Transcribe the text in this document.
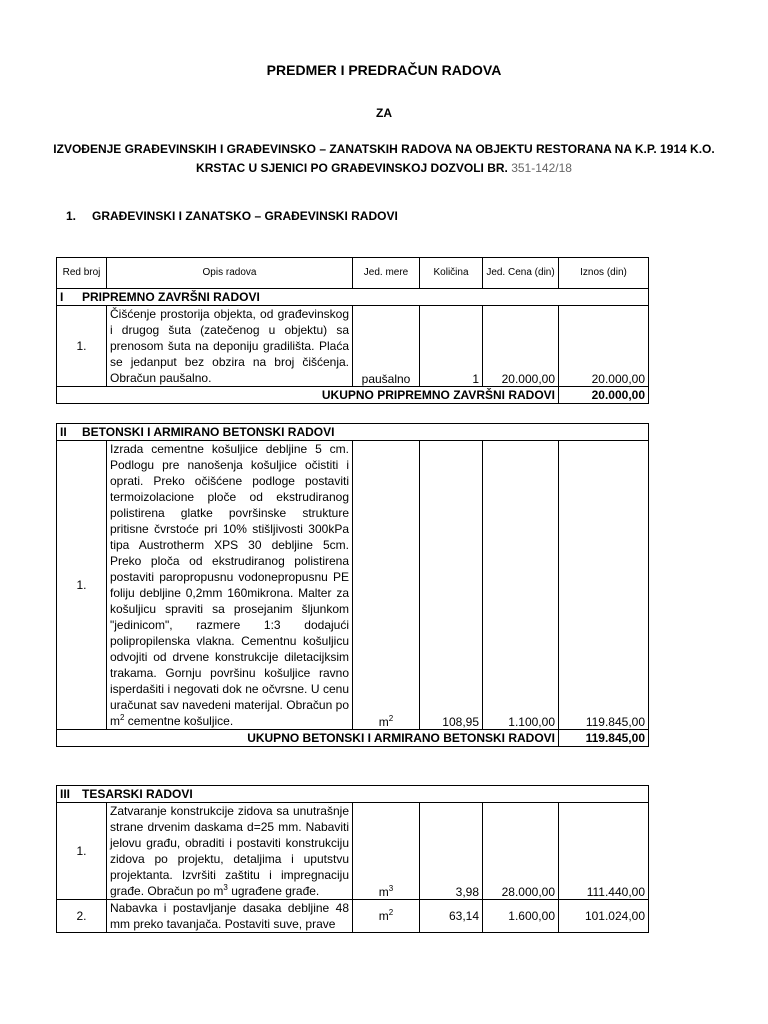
PREDMER I PREDRAČUN RADOVA
ZA
IZVOĐENJE GRAĐEVINSKIH I GRAĐEVINSKO – ZANATSKIH RADOVA NA OBJEKTU RESTORANA NA K.P. 1914 K.O.
KRSTAC U SJENICI PO GRAĐEVINSKOJ DOZVOLI BR. 351-142/18
1. GRAĐEVINSKI I ZANATSKO – GRAĐEVINSKI RADOVI
Red broj	Opis radova	Jed. mere	Količina	Jed. Cena (din)	Iznos (din)
I PRIPREMNO ZAVRŠNI RADOVI					
1.	Čišćenje prostorija objekta, od građevinskog i drugog šuta (zatečenog u objektu) sa prenosom šuta na deponiju gradilišta. Plaća se jedanput bez obzira na broj čišćenja. Obračun paušalno.	paušalno	1	20.000,00	20.000,00
UKUPNO PRIPREMNO ZAVRŠNI RADOVI					20.000,00
II BETONSKI I ARMIRANO BETONSKI RADOVI					
1.	Izrada cementne košuljice debljine 5 cm. Podlogu pre nanošenja košuljice očistiti i oprati. Preko očišćene podloge postaviti termoizolacione ploče od ekstrudiranog polistirena glatke površinske strukture pritisne čvrstoće pri 10% stišljivosti 300kPa tipa Austrotherm XPS 30 debljine 5cm. Preko ploča od ekstrudiranog polistirena postaviti paropropusnu vodonepropusnu PE foliju debljine 0,2mm 160mikrona. Malter za košuljicu spraviti sa prosejanim šljunkom "jedinicom", razmere 1:3 dodajući polipropilenska vlakna. Cementnu košuljicu odvojiti od drvene konstrukcije diletacijksim trakama. Gornju površinu košuljice ravno isperdašiti i negovati dok ne očvrsne. U cenu uračunat sav navedeni materijal. Obračun po $m^2$ cementne košuljice.	$m^2$	108,95	1.100,00	119.845,00
UKUPNO BETONSKI I ARMIRANO BETONSKI RADOVI					119.845,00
III TESARSKI RADOVI					
1.	Zatvaranje konstrukcije zidova sa unutrašnje strane drvenim daskama d=25 mm. Nabaviti jelovu građu, obraditi i postaviti konstrukciju zidova po projektu, detaljima i uputstvu projektanta. Izvršiti zaštitu i impregnaciju građe. Obračun po $m^3$ ugrađene građe.	$m^3$	3,98	28.000,00	111.440,00
2.	Nabavka i postavljanje dasaka debljine 48 mm preko tavanjača. Postaviti suve, prave	$m^2$	63,14	1.600,00	101.024,00
